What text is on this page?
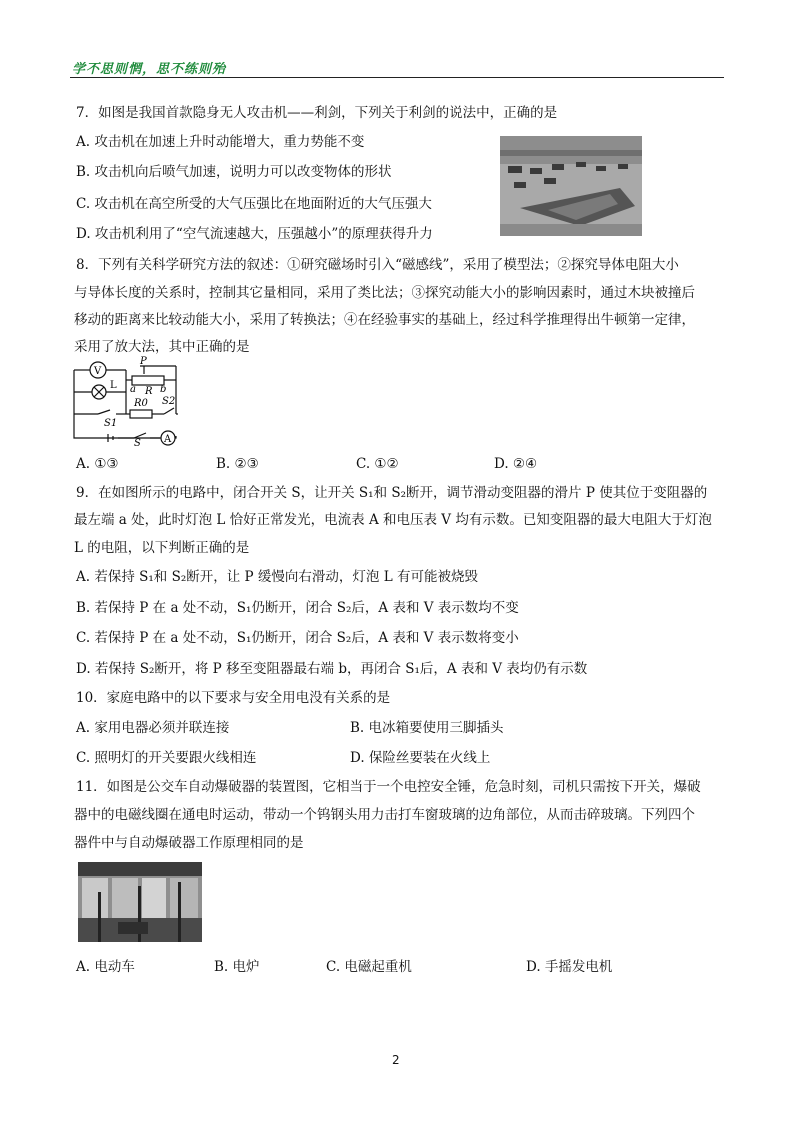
学不思则惘，思不练则殆
7．如图是我国首款隐身无人攻击机——利剑，下列关于利剑的说法中，正确的是
A. 攻击机在加速上升时动能增大，重力势能不变
B. 攻击机向后喷气加速，说明力可以改变物体的形状
C. 攻击机在高空所受的大气压强比在地面附近的大气压强大
D. 攻击机利用了“空气流速越大，压强越小”的原理获得升力
8．下列有关科学研究方法的叙述：①研究磁场时引入“磁感线”，采用了模型法；②探究导体电阻大小
与导体长度的关系时，控制其它量相同，采用了类比法；③探究动能大小的影响因素时，通过木块被撞后
移动的距离来比较动能大小，采用了转换法；④在经验事实的基础上，经过科学推理得出牛顿第一定律，
采用了放大法，其中正确的是
V
L
P
a R b
R0 S2
S1
S A
A. ①③	B. ②③	C. ①②	D. ②④
9．在如图所示的电路中，闭合开关 S，让开关 S₁和 S₂断开，调节滑动变阻器的滑片 P 使其位于变阻器的
最左端 a 处，此时灯泡 L 恰好正常发光，电流表 A 和电压表 V 均有示数。已知变阻器的最大电阻大于灯泡
L 的电阻，以下判断正确的是
A. 若保持 S₁和 S₂断开，让 P 缓慢向右滑动，灯泡 L 有可能被烧毁
B. 若保持 P 在 a 处不动，S₁仍断开，闭合 S₂后，A 表和 V 表示数均不变
C. 若保持 P 在 a 处不动，S₁仍断开，闭合 S₂后，A 表和 V 表示数将变小
D. 若保持 S₂断开，将 P 移至变阻器最右端 b，再闭合 S₁后，A 表和 V 表均仍有示数
10．家庭电路中的以下要求与安全用电没有关系的是
A. 家用电器必须并联连接	B. 电冰箱要使用三脚插头
C. 照明灯的开关要跟火线相连	D. 保险丝要装在火线上
11．如图是公交车自动爆破器的装置图，它相当于一个电控安全锤，危急时刻，司机只需按下开关，爆破
器中的电磁线圈在通电时运动，带动一个钨钢头用力击打车窗玻璃的边角部位，从而击碎玻璃。下列四个
器件中与自动爆破器工作原理相同的是
A. 电动车	B. 电炉	C. 电磁起重机	D. 手摇发电机
2
